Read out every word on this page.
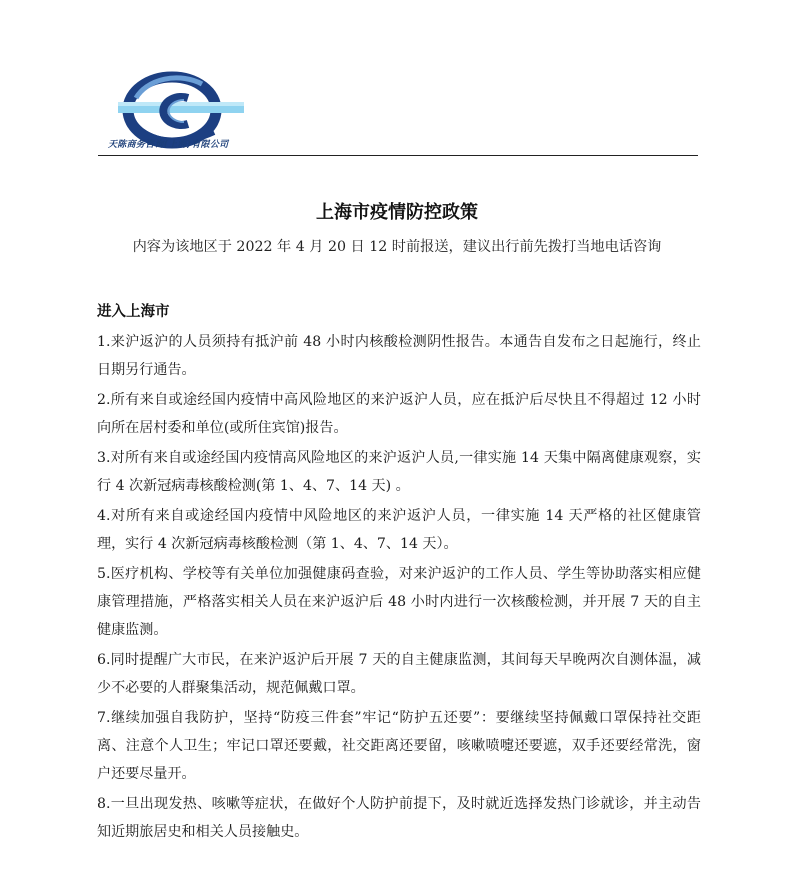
天陈商务咨询(上海)有限公司
上海市疫情防控政策
内容为该地区于 2022 年 4 月 20 日 12 时前报送，建议出行前先拨打当地电话咨询
进入上海市
1.来沪返沪的人员须持有抵沪前 48 小时内核酸检测阴性报告。本通告自发布之日起施行，终止日期另行通告。
2.所有来自或途经国内疫情中高风险地区的来沪返沪人员，应在抵沪后尽快且不得超过 12 小时向所在居村委和单位(或所住宾馆)报告。
3.对所有来自或途经国内疫情高风险地区的来沪返沪人员,一律实施 14 天集中隔离健康观察，实行 4 次新冠病毒核酸检测(第 1、4、7、14 天) 。
4.对所有来自或途经国内疫情中风险地区的来沪返沪人员，一律实施 14 天严格的社区健康管理，实行 4 次新冠病毒核酸检测（第 1、4、7、14 天）。
5.医疗机构、学校等有关单位加强健康码查验，对来沪返沪的工作人员、学生等协助落实相应健康管理措施，严格落实相关人员在来沪返沪后 48 小时内进行一次核酸检测，并开展 7 天的自主健康监测。
6.同时提醒广大市民，在来沪返沪后开展 7 天的自主健康监测，其间每天早晚两次自测体温，减少不必要的人群聚集活动，规范佩戴口罩。
7.继续加强自我防护，坚持“防疫三件套”牢记“防护五还要”：要继续坚持佩戴口罩保持社交距离、注意个人卫生；牢记口罩还要戴，社交距离还要留，咳嗽喷嚏还要遮，双手还要经常洗，窗户还要尽量开。
8.一旦出现发热、咳嗽等症状，在做好个人防护前提下，及时就近选择发热门诊就诊，并主动告知近期旅居史和相关人员接触史。
